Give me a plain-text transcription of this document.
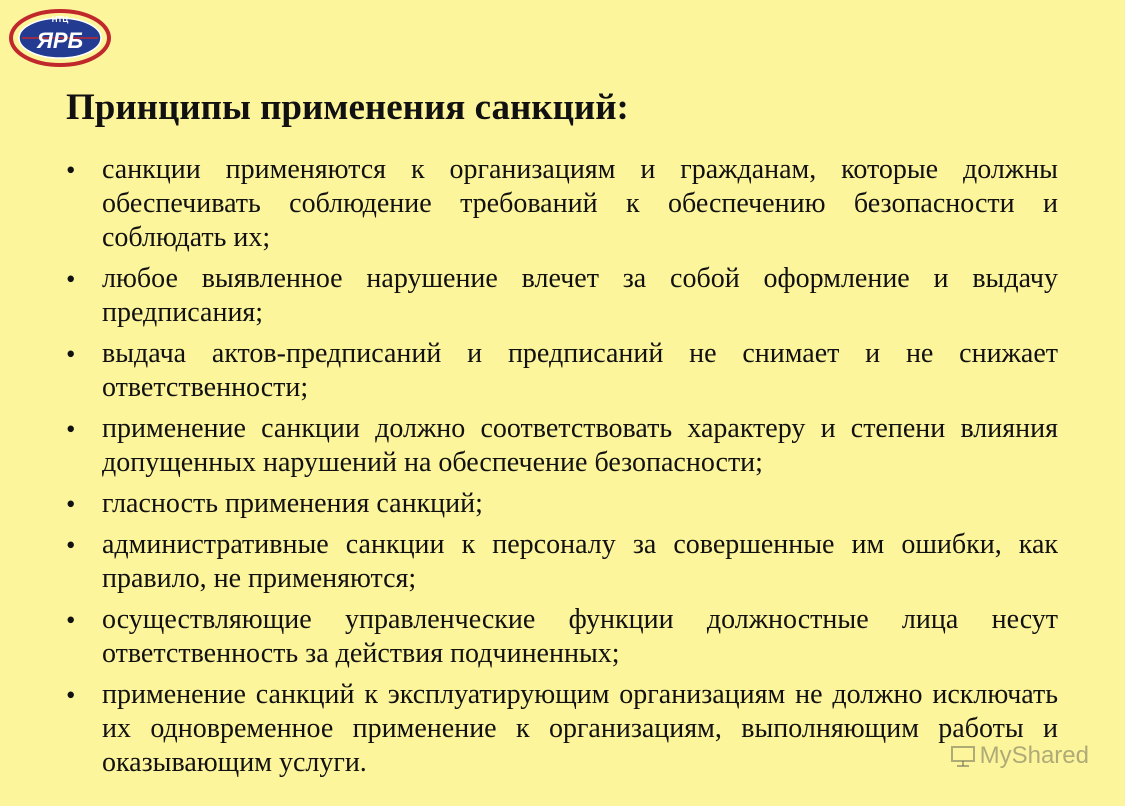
НТЦ
ЯРБ
Принципы применения санкций:
• санкции применяются к организациям и гражданам, которые должны обеспечивать соблюдение требований к обеспечению безопасности и соблюдать их;
• любое выявленное нарушение влечет за собой оформление и выдачу предписания;
• выдача актов-предписаний и предписаний не снимает и не снижает ответственности;
• применение санкции должно соответствовать характеру и степени влияния допущенных нарушений на обеспечение безопасности;
• гласность применения санкций;
• административные санкции к персоналу за совершенные им ошибки, как правило, не применяются;
• осуществляющие управленческие функции должностные лица несут ответственность за действия подчиненных;
• применение санкций к эксплуатирующим организациям не должно исключать их одновременное применение к организациям, выполняющим работы и оказывающим услуги.	MyShared
